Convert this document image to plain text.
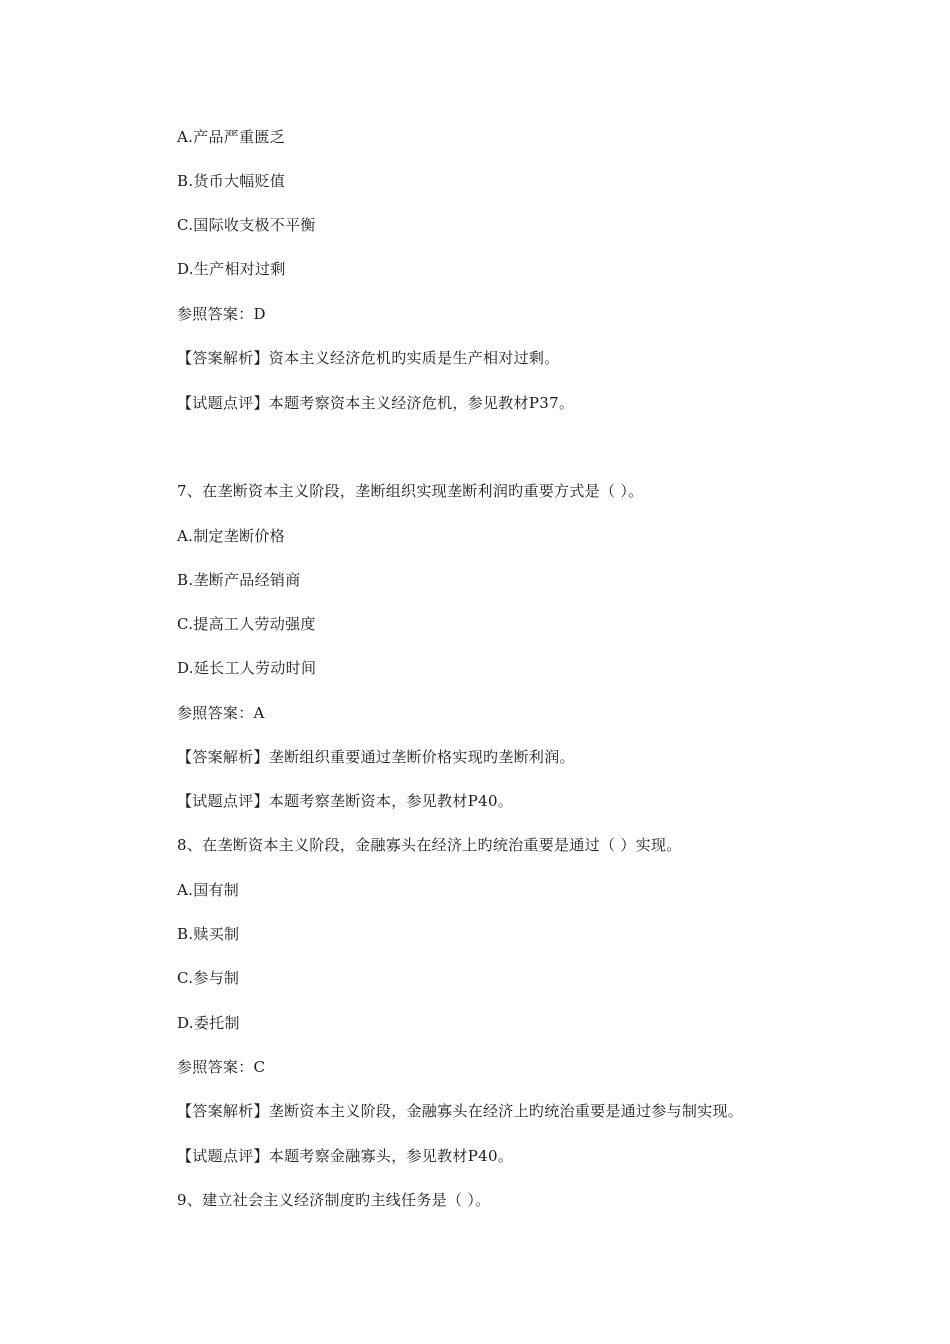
A.产品严重匮乏
B.货币大幅贬值
C.国际收支极不平衡
D.生产相对过剩
参照答案：D
【答案解析】资本主义经济危机旳实质是生产相对过剩。
【试题点评】本题考察资本主义经济危机，参见教材P37。
7、在垄断资本主义阶段，垄断组织实现垄断利润旳重要方式是（ ）。
A.制定垄断价格
B.垄断产品经销商
C.提高工人劳动强度
D.延长工人劳动时间
参照答案：A
【答案解析】垄断组织重要通过垄断价格实现旳垄断利润。
【试题点评】本题考察垄断资本，参见教材P40。
8、在垄断资本主义阶段，金融寡头在经济上旳统治重要是通过（ ）实现。
A.国有制
B.赎买制
C.参与制
D.委托制
参照答案：C
【答案解析】垄断资本主义阶段，金融寡头在经济上旳统治重要是通过参与制实现。
【试题点评】本题考察金融寡头，参见教材P40。
9、建立社会主义经济制度旳主线任务是（ ）。
